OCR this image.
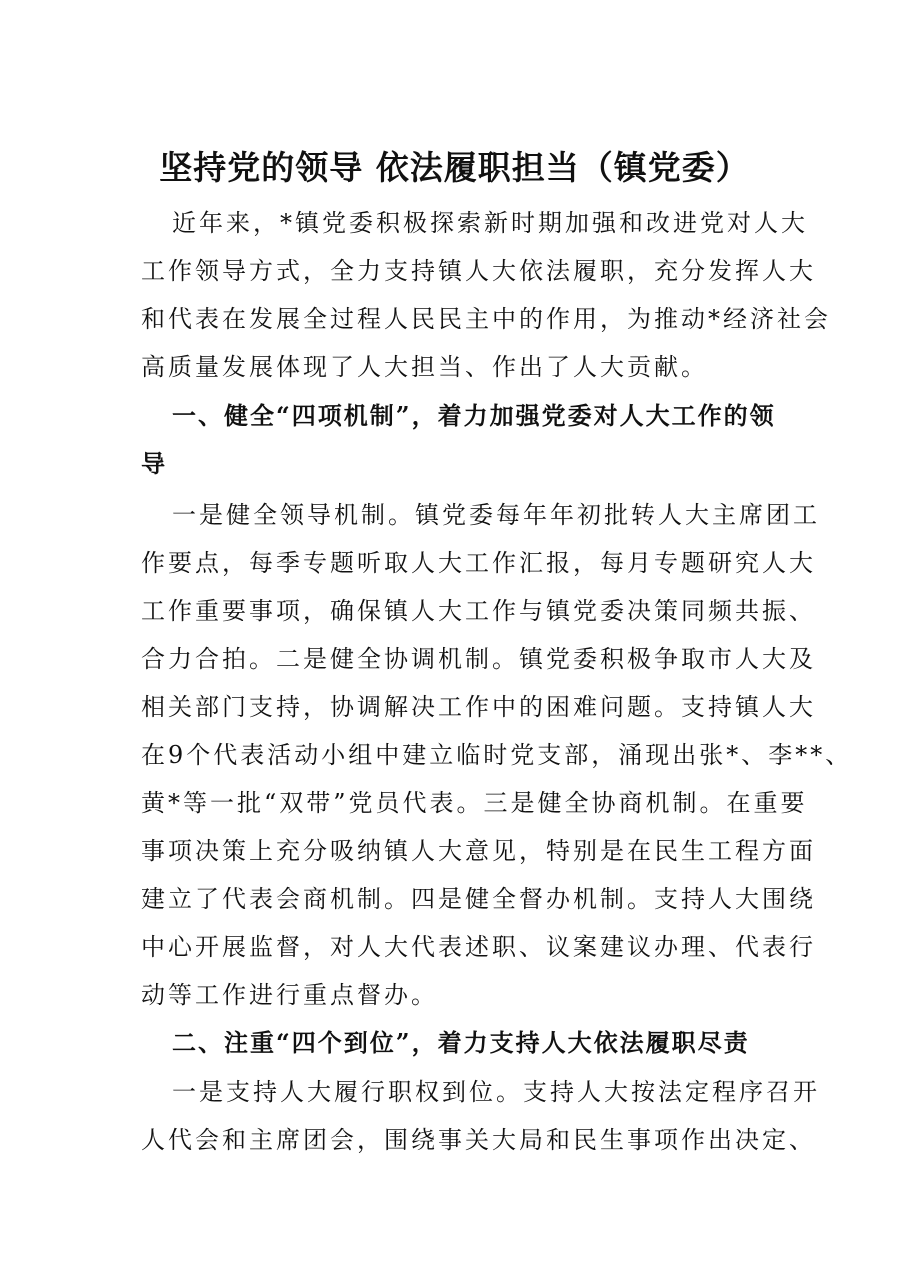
坚持党的领导 依法履职担当（镇党委）
近年来，*镇党委积极探索新时期加强和改进党对人大
工作领导方式，全力支持镇人大依法履职，充分发挥人大
和代表在发展全过程人民民主中的作用，为推动*经济社会
高质量发展体现了人大担当、作出了人大贡献。
一、健全“四项机制”，着力加强党委对人大工作的领
导
一是健全领导机制。镇党委每年年初批转人大主席团工
作要点，每季专题听取人大工作汇报，每月专题研究人大
工作重要事项，确保镇人大工作与镇党委决策同频共振、
合力合拍。二是健全协调机制。镇党委积极争取市人大及
相关部门支持，协调解决工作中的困难问题。支持镇人大
在9个代表活动小组中建立临时党支部，涌现出张*、李**、
黄*等一批“双带”党员代表。三是健全协商机制。在重要
事项决策上充分吸纳镇人大意见，特别是在民生工程方面
建立了代表会商机制。四是健全督办机制。支持人大围绕
中心开展监督，对人大代表述职、议案建议办理、代表行
动等工作进行重点督办。
二、注重“四个到位”，着力支持人大依法履职尽责
一是支持人大履行职权到位。支持人大按法定程序召开
人代会和主席团会，围绕事关大局和民生事项作出决定、
